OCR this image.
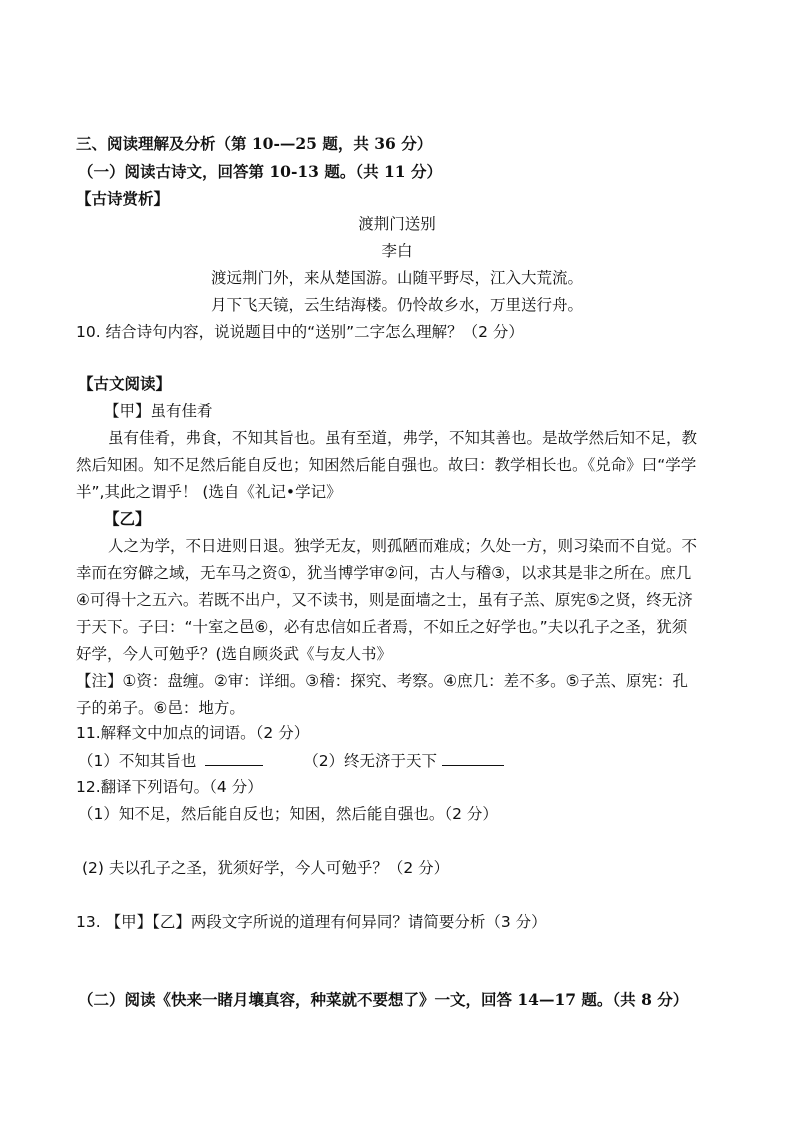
三、阅读理解及分析（第 10-—25 题，共 36 分）
（一）阅读古诗文，回答第 10-13 题。（共 11 分）
【古诗赏析】
渡荆门送别
李白
渡远荆门外，来从楚国游。山随平野尽，江入大荒流。
月下飞天镜，云生结海楼。仍怜故乡水，万里送行舟。
10. 结合诗句内容，说说题目中的“送别”二字怎么理解？（2 分）
【古文阅读】
【甲】虽有佳肴
虽有佳肴，弗食，不知其旨也。虽有至道，弗学，不知其善也。是故学然后知不足，教
然后知困。知不足然后能自反也；知困然后能自强也。故曰：教学相长也。《兑命》曰“学学
半”,其此之谓乎！ (选自《礼记•学记》
【乙】
人之为学，不日进则日退。独学无友，则孤陋而难成；久处一方，则习染而不自觉。不
幸而在穷僻之域，无车马之资①，犹当博学审②问，古人与稽③，以求其是非之所在。庶几
④可得十之五六。若既不出户，又不读书，则是面墙之士，虽有子羔、原宪⑤之贤，终无济
于天下。子曰：“十室之邑⑥，必有忠信如丘者焉，不如丘之好学也。”夫以孔子之圣，犹须
好学，今人可勉乎？(选自顾炎武《与友人书》
【注】①资：盘缠。②审：详细。③稽：探究、考察。④庶几：差不多。⑤子羔、原宪：孔
子的弟子。⑥邑：地方。
11.解释文中加点的词语。（2 分）
（1）不知其旨也	（2）终无济于天下
12.翻译下列语句。（4 分）
（1）知不足，然后能自反也；知困，然后能自强也。（2 分）
(2) 夫以孔子之圣，犹须好学，今人可勉乎？（2 分）
13. 【甲】【乙】两段文字所说的道理有何异同？请简要分析（3 分）
（二）阅读《快来一睹月壤真容，种菜就不要想了》一文，回答 14—17 题。（共 8 分）
